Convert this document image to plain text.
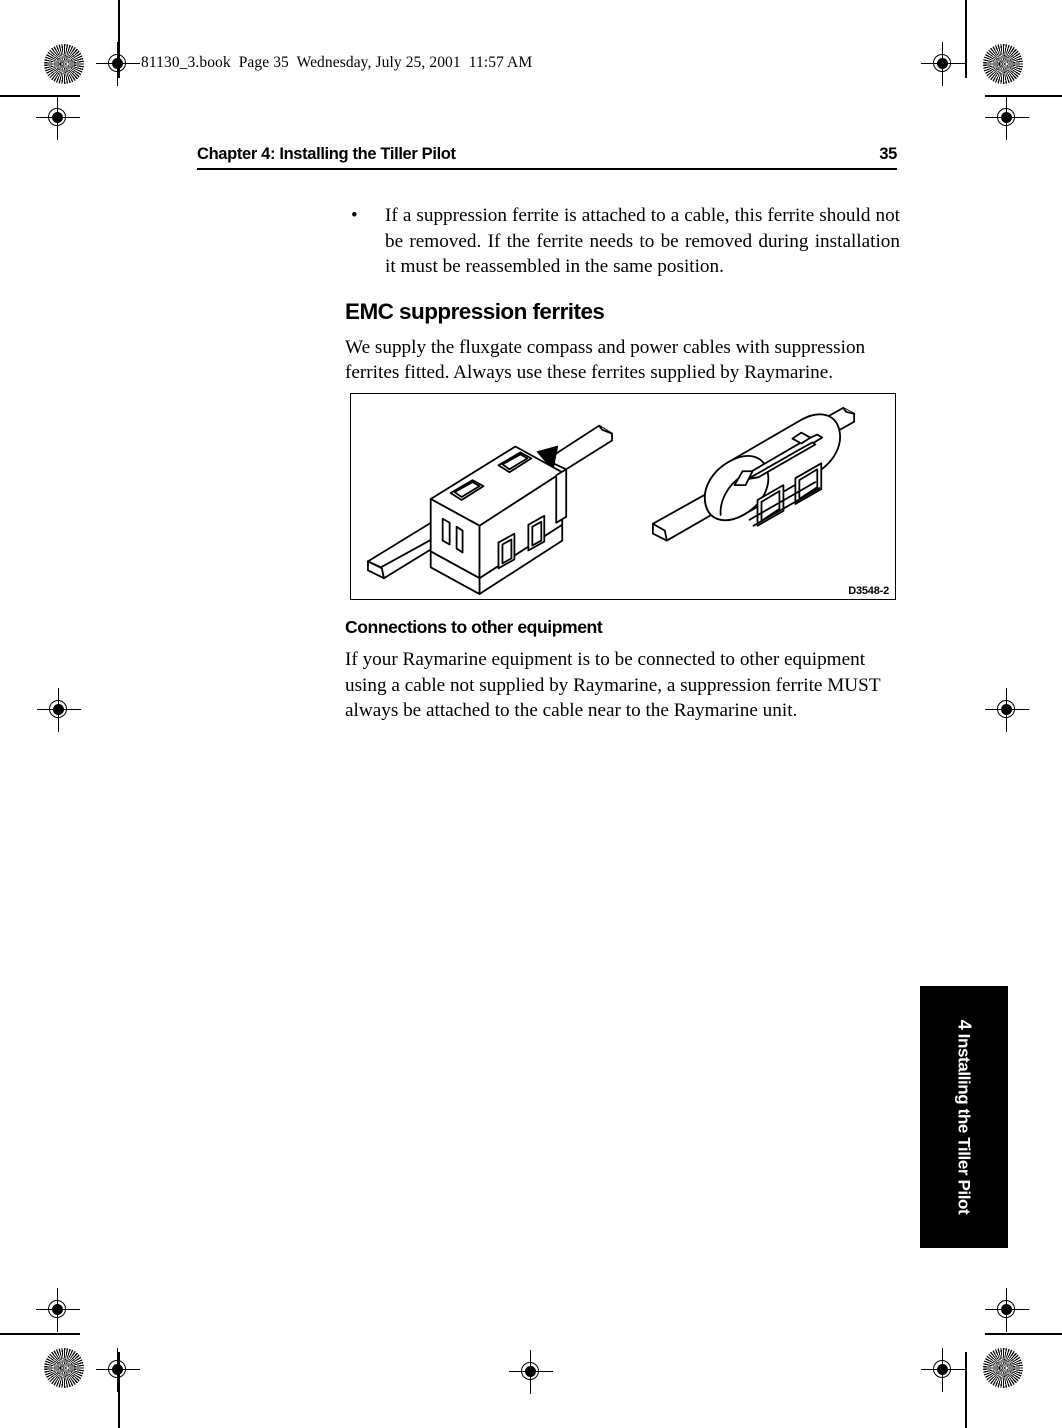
81130_3.book  Page 35  Wednesday, July 25, 2001  11:57 AM
Chapter 4: Installing the Tiller Pilot	35
• If a suppression ferrite is attached to a cable, this ferrite should not be removed. If the ferrite needs to be removed during installation it must be reassembled in the same position.
EMC suppression ferrites

We supply the fluxgate compass and power cables with suppression ferrites fitted. Always use these ferrites supplied by Raymarine.

D3548-2
Connections to other equipment

If your Raymarine equipment is to be connected to other equipment using a cable not supplied by Raymarine, a suppression ferrite MUST always be attached to the cable near to the Raymarine unit.

4 Installing the Tiller Pilot
